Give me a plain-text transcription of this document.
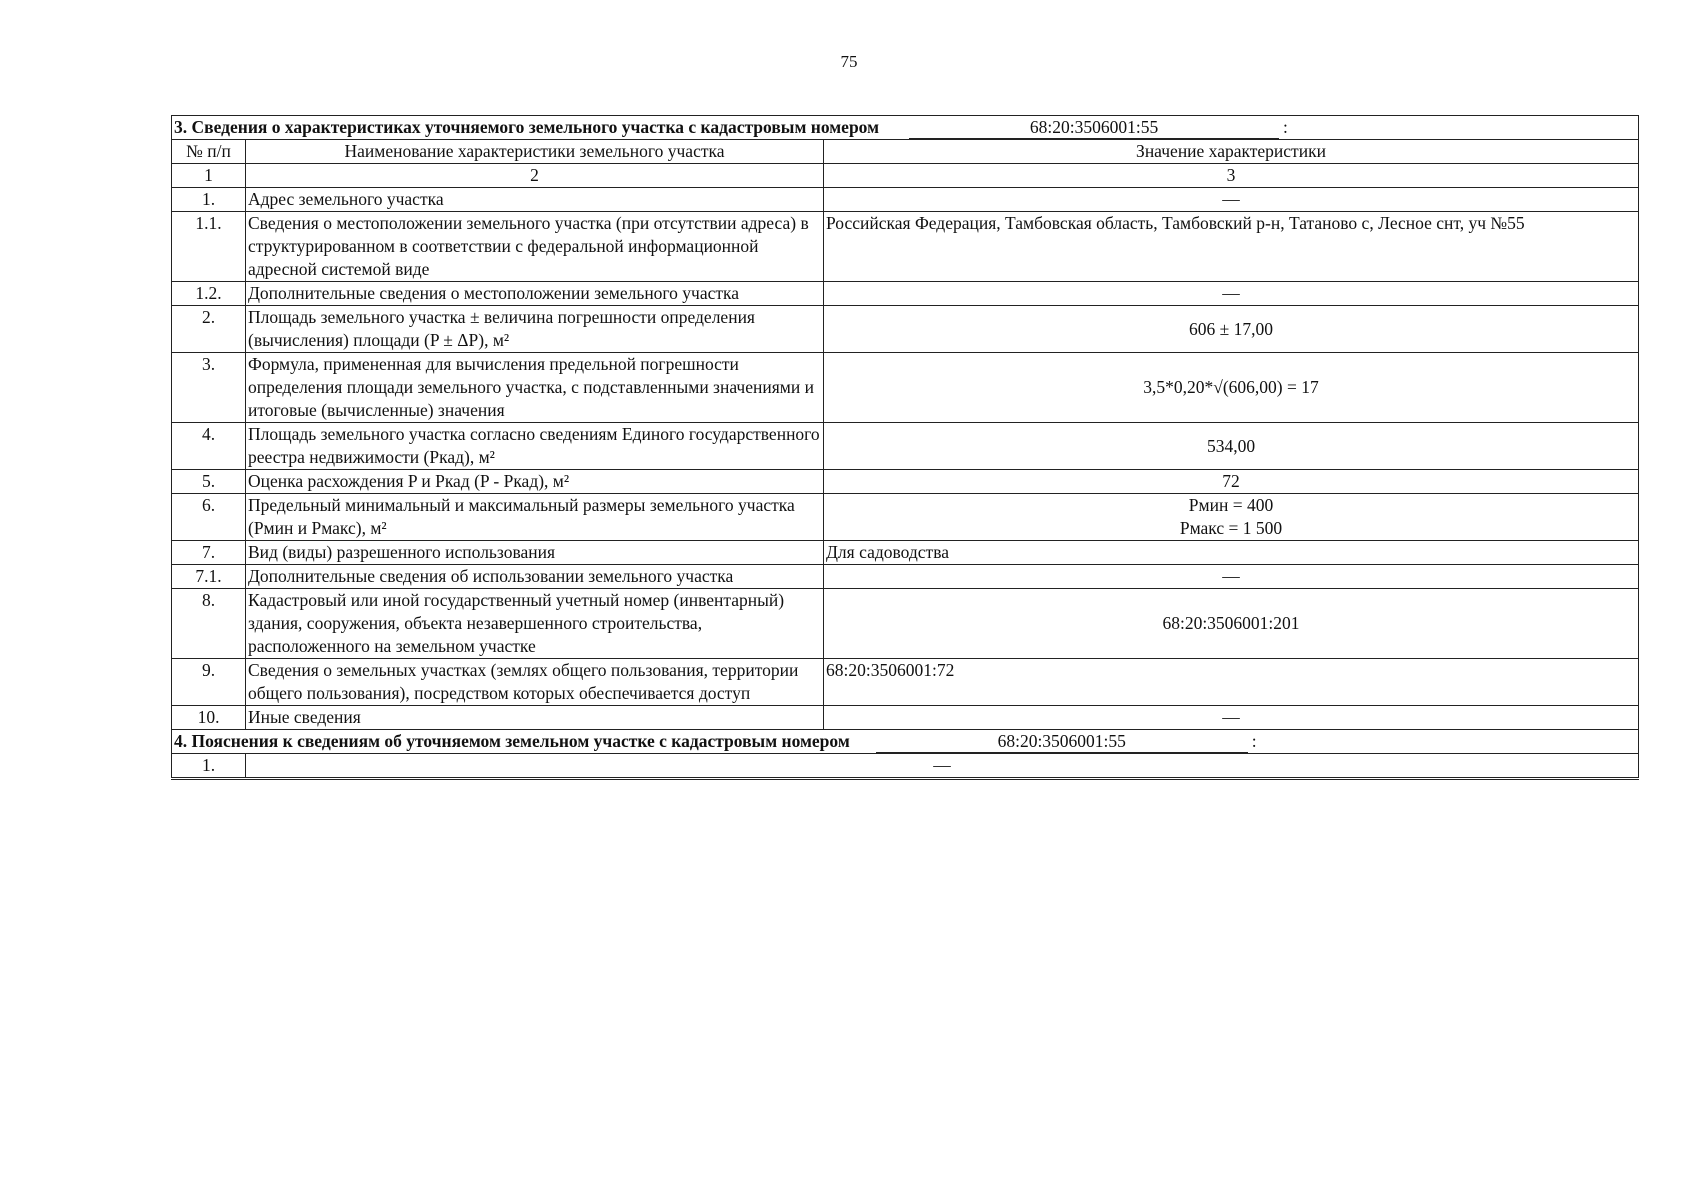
75
3. Сведения о характеристиках уточняемого земельного участка с кадастровым номером 68:20:3506001:55 :		
№ п/п	Наименование характеристики земельного участка	Значение характеристики
1	2	3
1.	Адрес земельного участка	—
1.1.	Сведения о местоположении земельного участка (при отсутствии адреса) в структурированном в соответствии с федеральной информационной адресной системой виде	Российская Федерация, Тамбовская область, Тамбовский р-н, Татаново с, Лесное снт, уч №55
1.2.	Дополнительные сведения о местоположении земельного участка	—
2.	Площадь земельного участка ± величина погрешности определения (вычисления) площади (P ± ΔP), м²	606 ± 17,00
3.	Формула, примененная для вычисления предельной погрешности определения площади земельного участка, с подставленными значениями и итоговые (вычисленные) значения	3,5*0,20*√(606,00) = 17
4.	Площадь земельного участка согласно сведениям Единого государственного реестра недвижимости (Ркад), м²	534,00
5.	Оценка расхождения P и Ркад (P - Ркад), м²	72
6.	Предельный минимальный и максимальный размеры земельного участка (Рмин и Рмакс), м²	Рмин = 400
Рмакс = 1 500

7.	Вид (виды) разрешенного использования	Для садоводства
7.1.	Дополнительные сведения об использовании земельного участка	—
8.	Кадастровый или иной государственный учетный номер (инвентарный) здания, сооружения, объекта незавершенного строительства, расположенного на земельном участке	68:20:3506001:201
9.	Сведения о земельных участках (землях общего пользования, территории общего пользования), посредством которых обеспечивается доступ	68:20:3506001:72
10.	Иные сведения	—
4. Пояснения к сведениям об уточняемом земельном участке с кадастровым номером 68:20:3506001:55 :		
1.	—	
